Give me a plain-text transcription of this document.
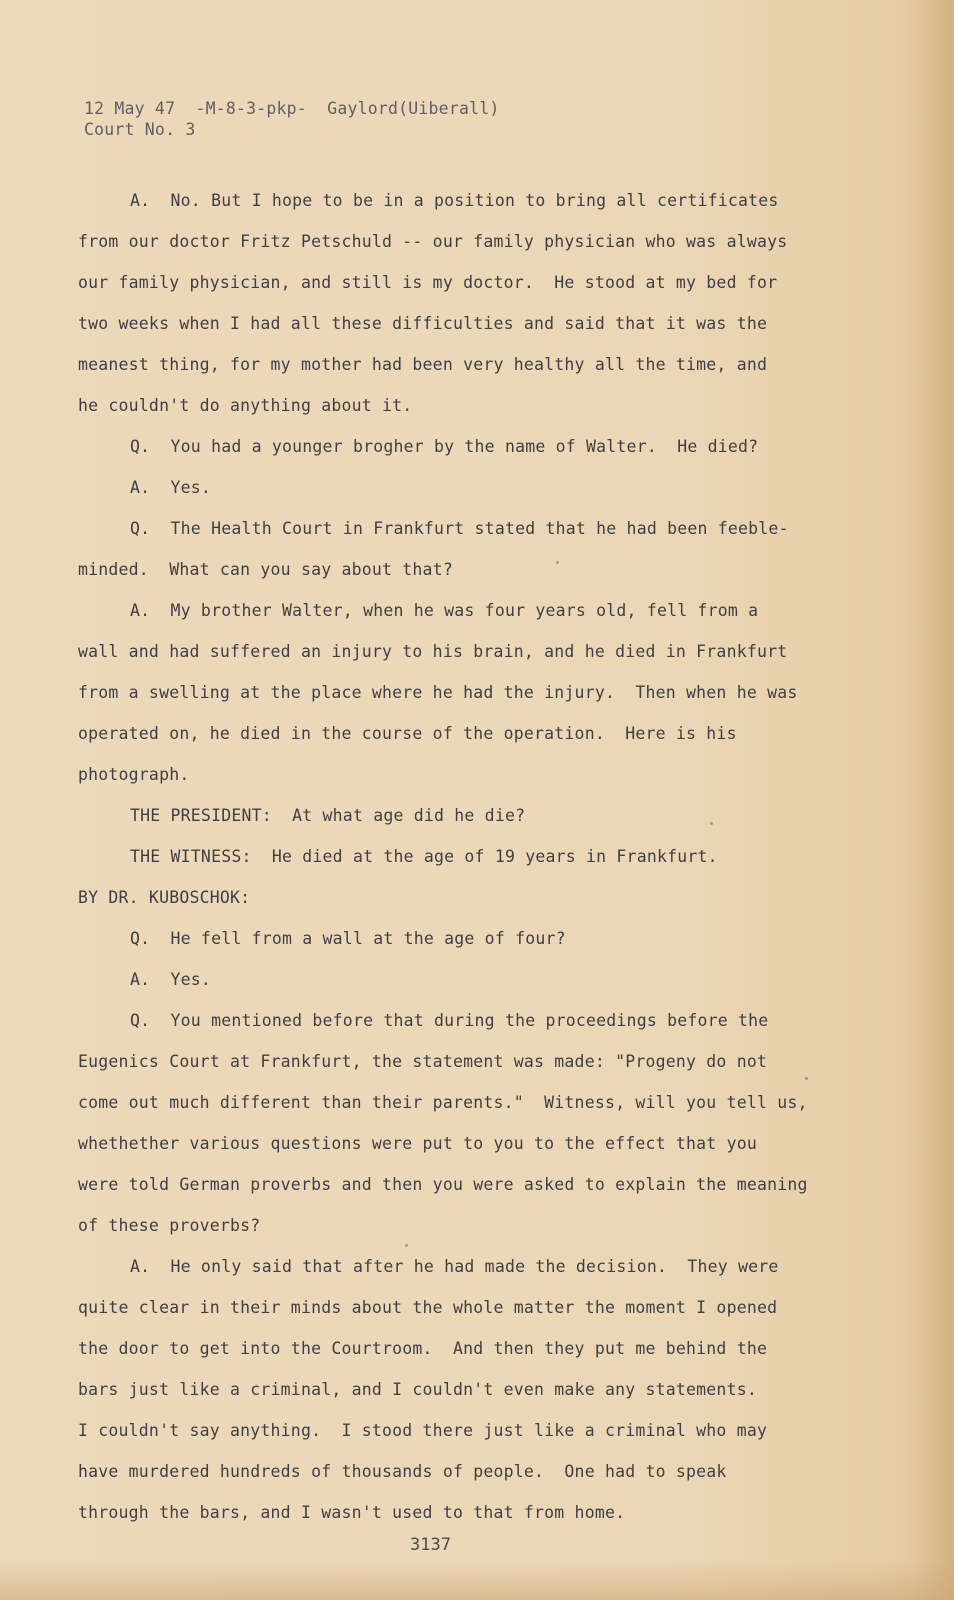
12 May 47  -M-8-3-pkp-  Gaylord(Uiberall)
Court No. 3
A.  No. But I hope to be in a position to bring all certificates
from our doctor Fritz Petschuld -- our family physician who was always
our family physician, and still is my doctor.  He stood at my bed for
two weeks when I had all these difficulties and said that it was the
meanest thing, for my mother had been very healthy all the time, and
he couldn't do anything about it.
Q.  You had a younger brogher by the name of Walter.  He died?
A.  Yes.
Q.  The Health Court in Frankfurt stated that he had been feeble-
minded.  What can you say about that?
A.  My brother Walter, when he was four years old, fell from a
wall and had suffered an injury to his brain, and he died in Frankfurt
from a swelling at the place where he had the injury.  Then when he was
operated on, he died in the course of the operation.  Here is his
photograph.
THE PRESIDENT:  At what age did he die?
THE WITNESS:  He died at the age of 19 years in Frankfurt.
BY DR. KUBOSCHOK:
Q.  He fell from a wall at the age of four?
A.  Yes.
Q.  You mentioned before that during the proceedings before the
Eugenics Court at Frankfurt, the statement was made: "Progeny do not
come out much different than their parents."  Witness, will you tell us,
whethether various questions were put to you to the effect that you
were told German proverbs and then you were asked to explain the meaning
of these proverbs?
A.  He only said that after he had made the decision.  They were
quite clear in their minds about the whole matter the moment I opened
the door to get into the Courtroom.  And then they put me behind the
bars just like a criminal, and I couldn't even make any statements.
I couldn't say anything.  I stood there just like a criminal who may
have murdered hundreds of thousands of people.  One had to speak
through the bars, and I wasn't used to that from home.
3137
